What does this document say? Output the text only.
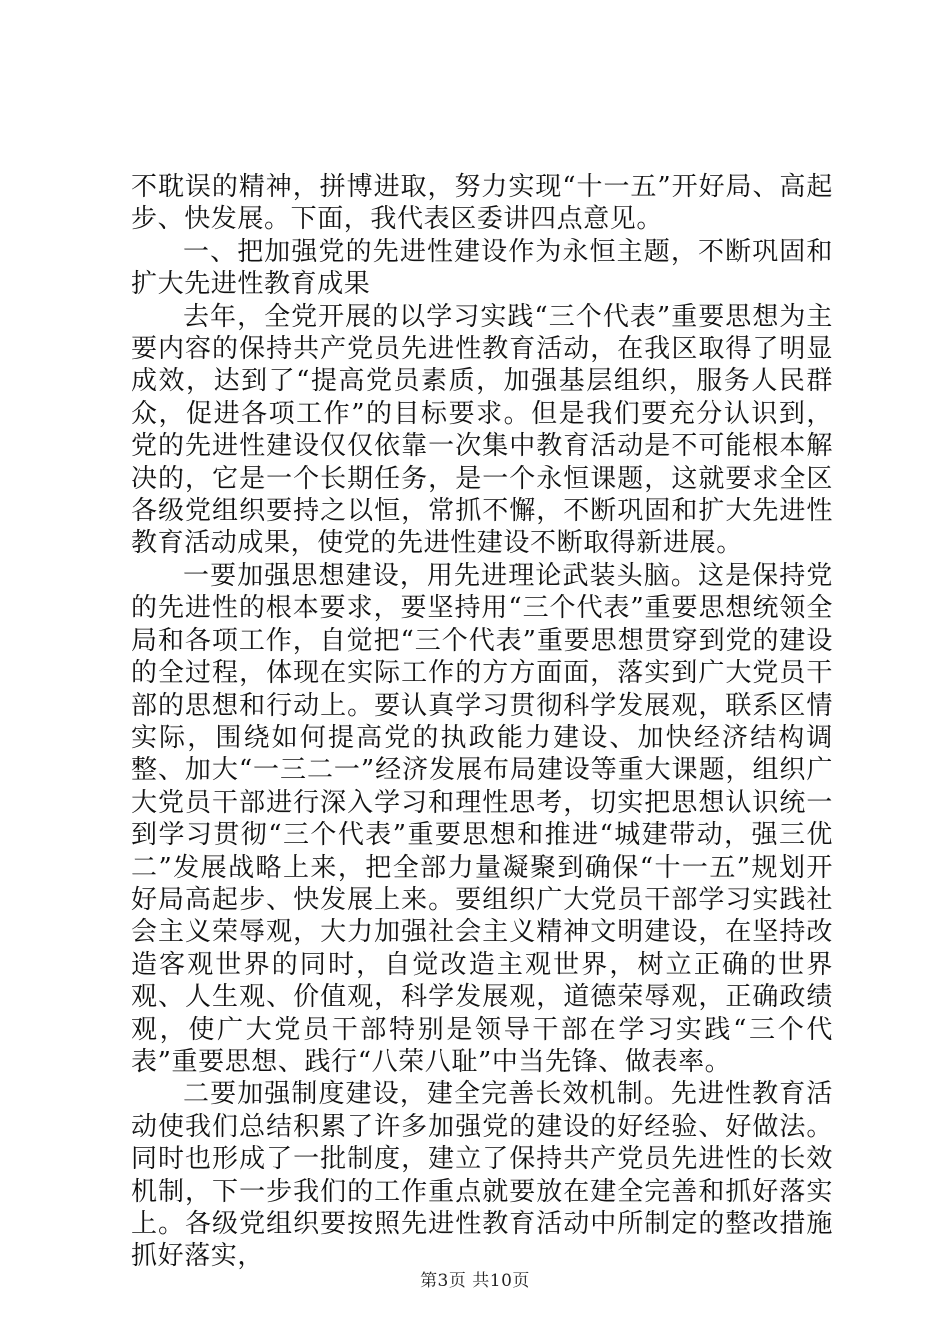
不耽误的精神，拼博进取，努力实现“十一五”开好局、高起步、快发展。下面，我代表区委讲四点意见。

一、把加强党的先进性建设作为永恒主题，不断巩固和扩大先进性教育成果

去年，全党开展的以学习实践“三个代表”重要思想为主要内容的保持共产党员先进性教育活动，在我区取得了明显成效，达到了“提高党员素质，加强基层组织，服务人民群众，促进各项工作”的目标要求。但是我们要充分认识到，党的先进性建设仅仅依靠一次集中教育活动是不可能根本解决的，它是一个长期任务，是一个永恒课题，这就要求全区各级党组织要持之以恒，常抓不懈，不断巩固和扩大先进性教育活动成果，使党的先进性建设不断取得新进展。

一要加强思想建设，用先进理论武装头脑。这是保持党的先进性的根本要求，要坚持用“三个代表”重要思想统领全局和各项工作，自觉把“三个代表”重要思想贯穿到党的建设的全过程，体现在实际工作的方方面面，落实到广大党员干部的思想和行动上。要认真学习贯彻科学发展观，联系区情实际，围绕如何提高党的执政能力建设、加快经济结构调整、加大“一三二一”经济发展布局建设等重大课题，组织广大党员干部进行深入学习和理性思考，切实把思想认识统一到学习贯彻“三个代表”重要思想和推进“城建带动，强三优二”发展战略上来，把全部力量凝聚到确保“十一五”规划开好局高起步、快发展上来。要组织广大党员干部学习实践社会主义荣辱观，大力加强社会主义精神文明建设，在坚持改造客观世界的同时，自觉改造主观世界，树立正确的世界观、人生观、价值观，科学发展观，道德荣辱观，正确政绩观，使广大党员干部特别是领导干部在学习实践“三个代表”重要思想、践行“八荣八耻”中当先锋、做表率。

二要加强制度建设，建全完善长效机制。先进性教育活动使我们总结积累了许多加强党的建设的好经验、好做法。同时也形成了一批制度，建立了保持共产党员先进性的长效机制，下一步我们的工作重点就要放在建全完善和抓好落实上。各级党组织要按照先进性教育活动中所制定的整改措施抓好落实，

第3页 共10页
